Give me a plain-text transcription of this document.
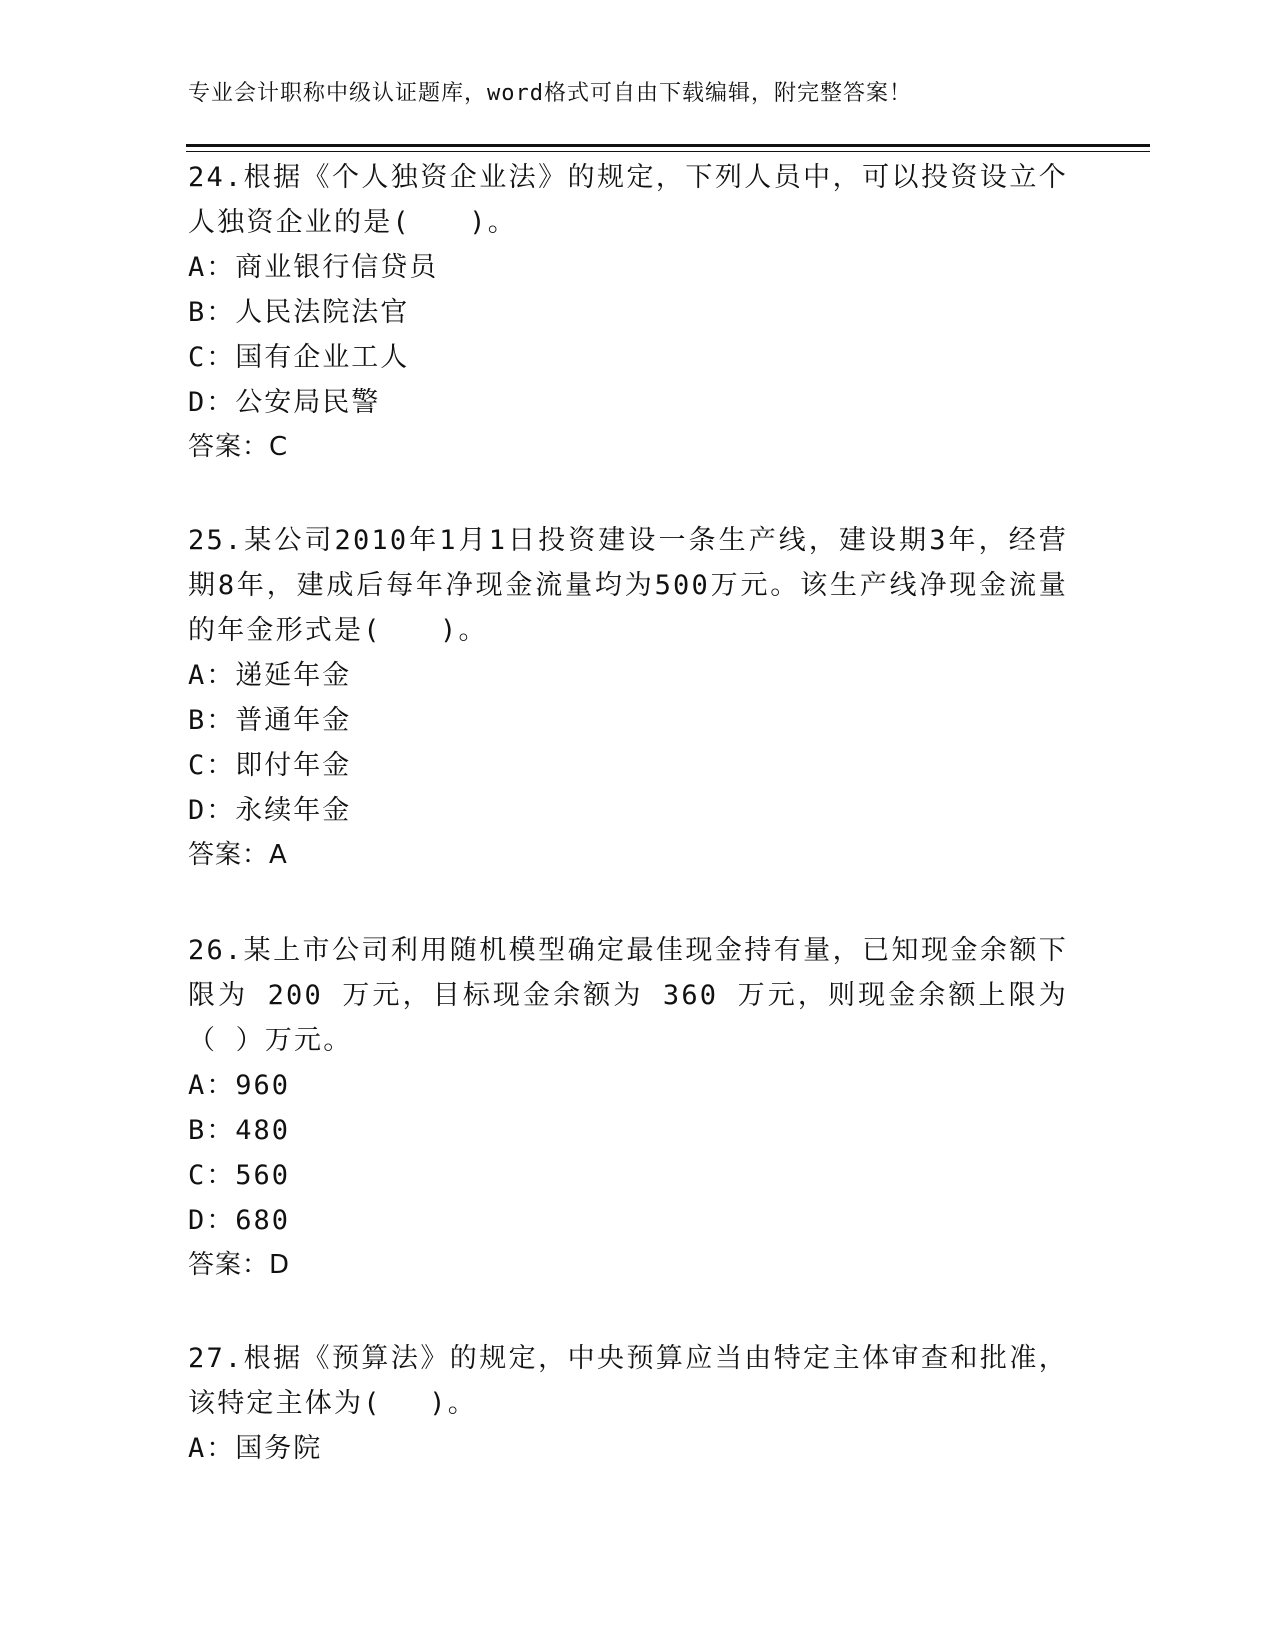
专业会计职称中级认证题库，word格式可自由下载编辑，附完整答案！
24.根据《个人独资企业法》的规定，下列人员中，可以投资设立个人独资企业的是(　　)。
A：商业银行信贷员
B：人民法院法官
C：国有企业工人
D：公安局民警
答案：C
25.某公司2010年1月1日投资建设一条生产线，建设期3年，经营期8年，建成后每年净现金流量均为500万元。该生产线净现金流量的年金形式是(　　)。
A：递延年金
B：普通年金
C：即付年金
D：永续年金
答案：A
26.某上市公司利用随机模型确定最佳现金持有量，已知现金余额下限为 200 万元，目标现金余额为 360 万元，则现金余额上限为（ ）万元。
A：960
B：480
C：560
D：680
答案：D
27.根据《预算法》的规定，中央预算应当由特定主体审查和批准，该特定主体为(　 )。
A：国务院
